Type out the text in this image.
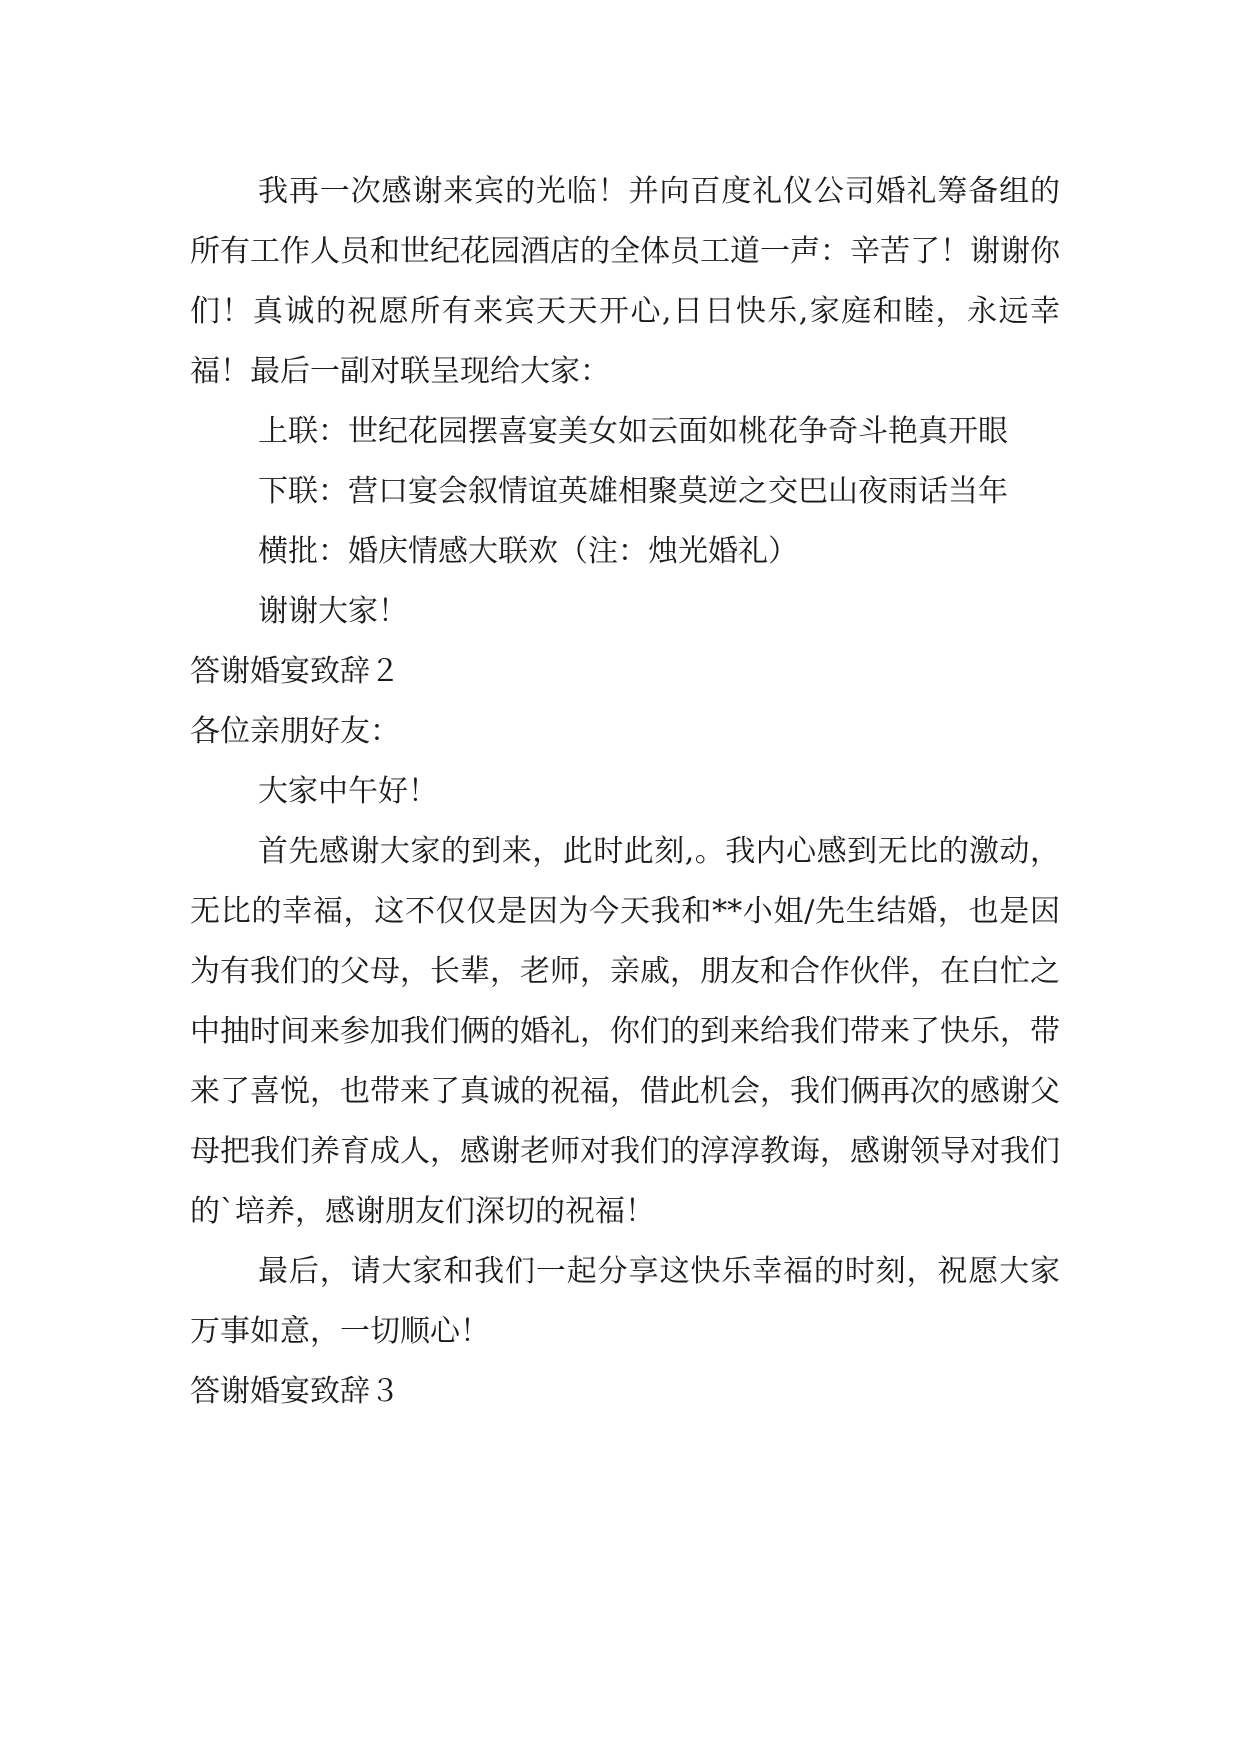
我再一次感谢来宾的光临！并向百度礼仪公司婚礼筹备组的所有工作人员和世纪花园酒店的全体员工道一声：辛苦了！谢谢你们！真诚的祝愿所有来宾天天开心,日日快乐,家庭和睦，永远幸福！最后一副对联呈现给大家：

上联：世纪花园摆喜宴美女如云面如桃花争奇斗艳真开眼

下联：营口宴会叙情谊英雄相聚莫逆之交巴山夜雨话当年

横批：婚庆情感大联欢（注：烛光婚礼）

谢谢大家！

答谢婚宴致辞２

各位亲朋好友：

大家中午好！

首先感谢大家的到来，此时此刻,。我内心感到无比的激动，无比的幸福，这不仅仅是因为今天我和**小姐/先生结婚，也是因为有我们的父母，长辈，老师，亲戚，朋友和合作伙伴，在白忙之中抽时间来参加我们俩的婚礼，你们的到来给我们带来了快乐，带来了喜悦，也带来了真诚的祝福，借此机会，我们俩再次的感谢父母把我们养育成人，感谢老师对我们的淳淳教诲，感谢领导对我们的`培养，感谢朋友们深切的祝福！

最后，请大家和我们一起分享这快乐幸福的时刻，祝愿大家万事如意，一切顺心！

答谢婚宴致辞３
